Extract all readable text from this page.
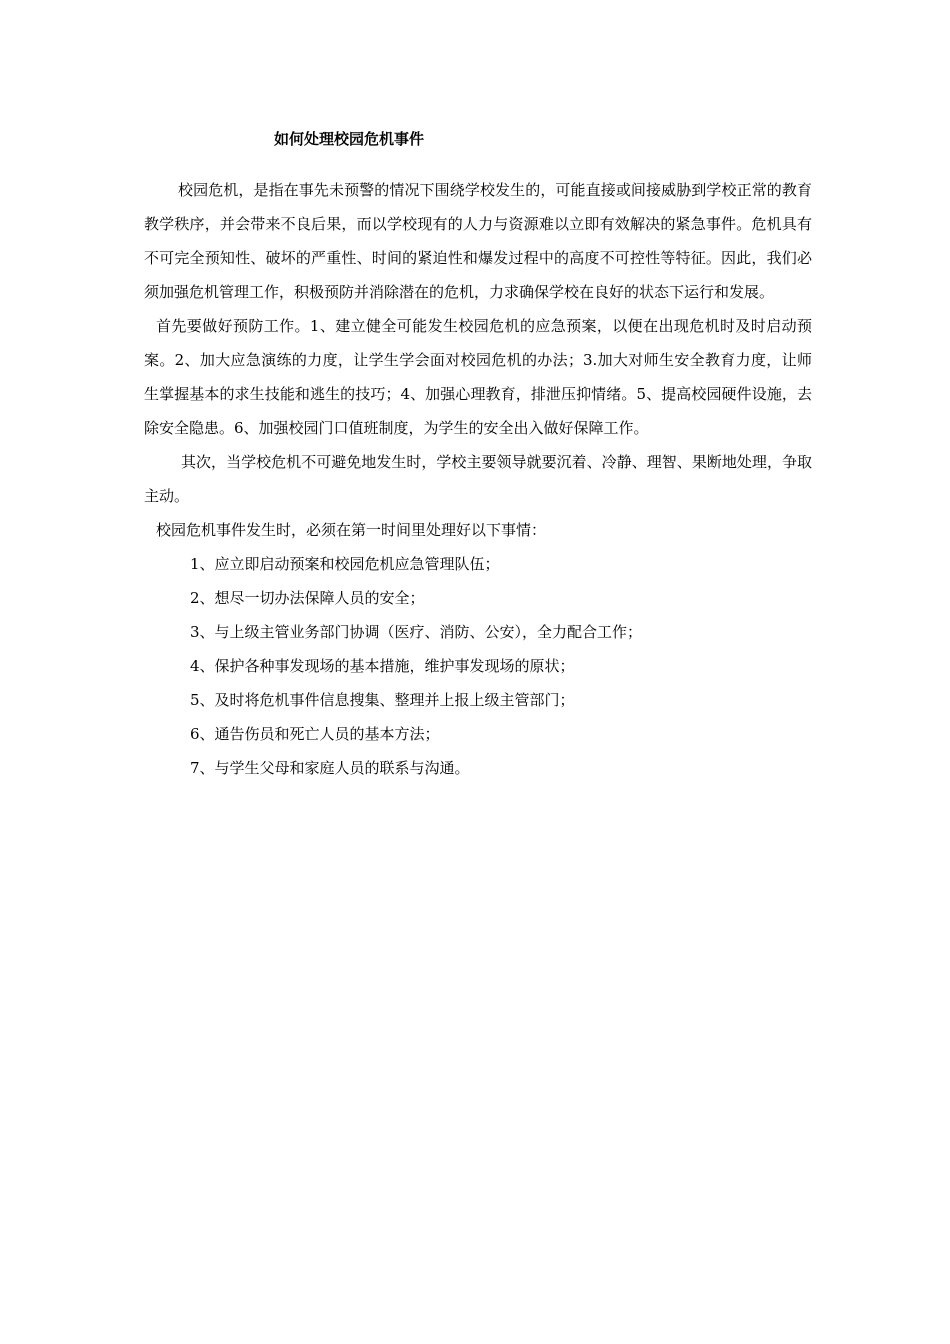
如何处理校园危机事件

校园危机，是指在事先未预警的情况下围绕学校发生的，可能直接或间接威胁到学校正常的教育教学秩序，并会带来不良后果，而以学校现有的人力与资源难以立即有效解决的紧急事件。危机具有不可完全预知性、破坏的严重性、时间的紧迫性和爆发过程中的高度不可控性等特征。因此，我们必须加强危机管理工作，积极预防并消除潜在的危机，力求确保学校在良好的状态下运行和发展。

首先要做好预防工作。1、建立健全可能发生校园危机的应急预案，以便在出现危机时及时启动预案。2、加大应急演练的力度，让学生学会面对校园危机的办法；3.加大对师生安全教育力度，让师生掌握基本的求生技能和逃生的技巧；4、加强心理教育，排泄压抑情绪。5、提高校园硬件设施，去除安全隐患。6、加强校园门口值班制度，为学生的安全出入做好保障工作。

其次，当学校危机不可避免地发生时，学校主要领导就要沉着、冷静、理智、果断地处理，争取主动。

校园危机事件发生时，必须在第一时间里处理好以下事情：

1、应立即启动预案和校园危机应急管理队伍；
2、想尽一切办法保障人员的安全；
3、与上级主管业务部门协调（医疗、消防、公安），全力配合工作；
4、保护各种事发现场的基本措施，维护事发现场的原状；
5、及时将危机事件信息搜集、整理并上报上级主管部门；
6、通告伤员和死亡人员的基本方法；
7、与学生父母和家庭人员的联系与沟通。
